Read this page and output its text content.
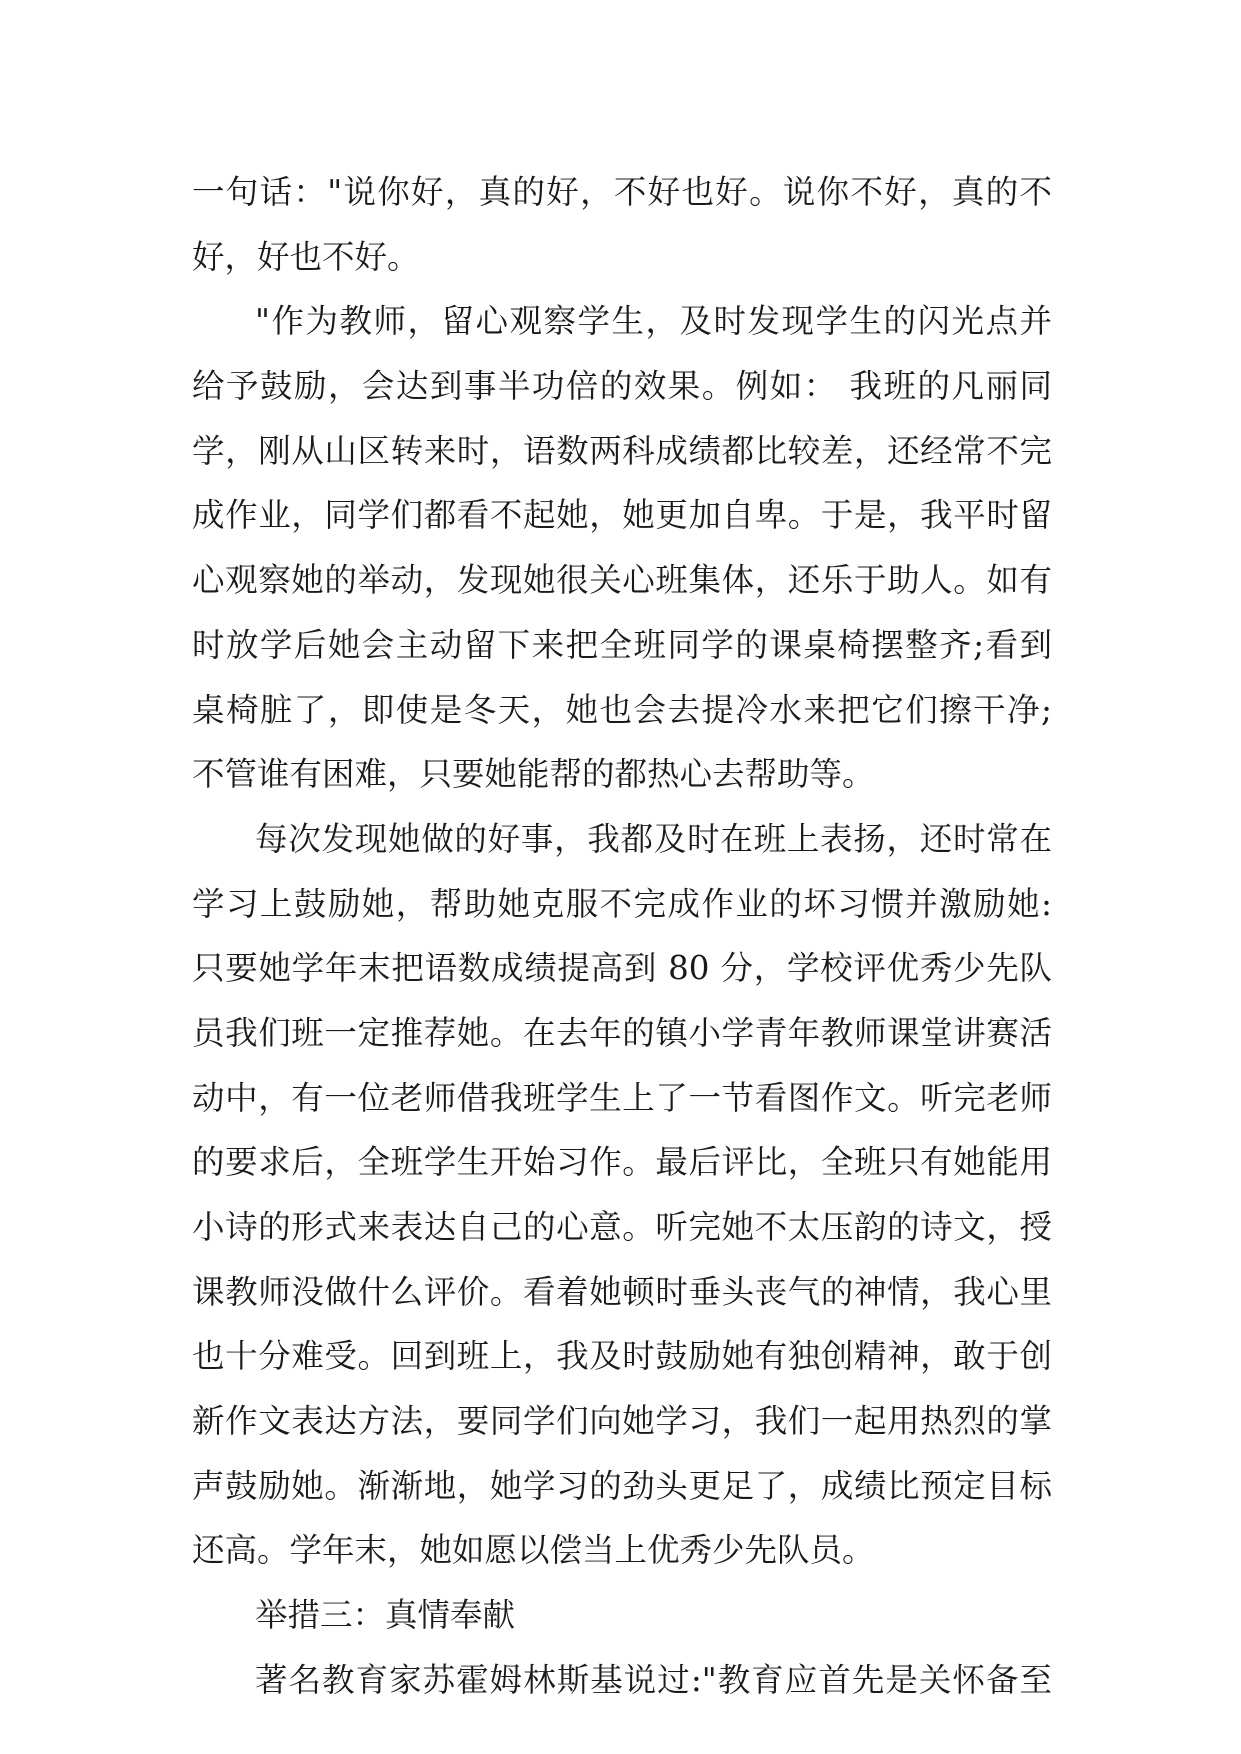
一句话："说你好，真的好，不好也好。说你不好，真的不
好，好也不好。
"作为教师，留心观察学生，及时发现学生的闪光点并
给予鼓励，会达到事半功倍的效果。例如： 我班的凡丽同
学，刚从山区转来时，语数两科成绩都比较差，还经常不完
成作业，同学们都看不起她，她更加自卑。于是，我平时留
心观察她的举动，发现她很关心班集体，还乐于助人。如有
时放学后她会主动留下来把全班同学的课桌椅摆整齐;看到
桌椅脏了，即使是冬天，她也会去提冷水来把它们擦干净;
不管谁有困难，只要她能帮的都热心去帮助等。
每次发现她做的好事，我都及时在班上表扬，还时常在
学习上鼓励她，帮助她克服不完成作业的坏习惯并激励她:
只要她学年末把语数成绩提高到 80 分，学校评优秀少先队
员我们班一定推荐她。在去年的镇小学青年教师课堂讲赛活
动中，有一位老师借我班学生上了一节看图作文。听完老师
的要求后，全班学生开始习作。最后评比，全班只有她能用
小诗的形式来表达自己的心意。听完她不太压韵的诗文，授
课教师没做什么评价。看着她顿时垂头丧气的神情，我心里
也十分难受。回到班上，我及时鼓励她有独创精神，敢于创
新作文表达方法，要同学们向她学习，我们一起用热烈的掌
声鼓励她。渐渐地，她学习的劲头更足了，成绩比预定目标
还高。学年末，她如愿以偿当上优秀少先队员。
举措三：真情奉献
著名教育家苏霍姆林斯基说过:"教育应首先是关怀备至
